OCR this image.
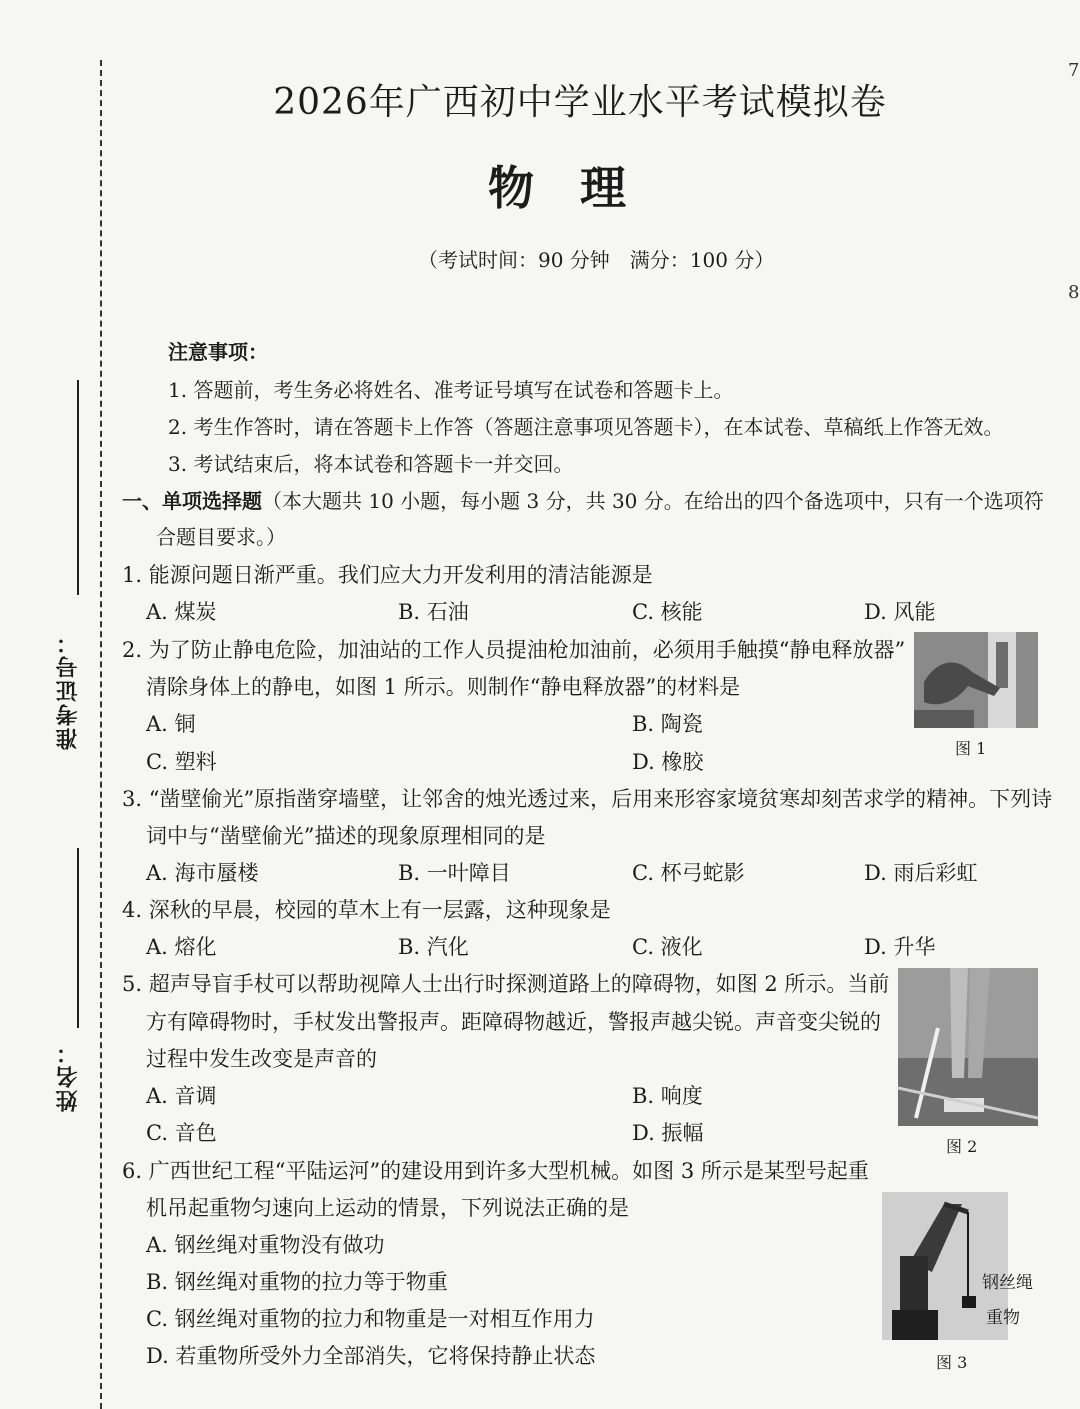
准考证号：
姓名：
7
8
2026年广西初中学业水平考试模拟卷
物理
（考试时间：90 分钟　满分：100 分）
注意事项：
1. 答题前，考生务必将姓名、准考证号填写在试卷和答题卡上。
2. 考生作答时，请在答题卡上作答（答题注意事项见答题卡），在本试卷、草稿纸上作答无效。
3. 考试结束后，将本试卷和答题卡一并交回。
一、单项选择题（本大题共 10 小题，每小题 3 分，共 30 分。在给出的四个备选项中，只有一个选项符
合题目要求。）
1. 能源问题日渐严重。我们应大力开发利用的清洁能源是
A. 煤炭	B. 石油	C. 核能	D. 风能
2. 为了防止静电危险，加油站的工作人员提油枪加油前，必须用手触摸“静电释放器”
清除身体上的静电，如图 1 所示。则制作“静电释放器”的材料是
A. 铜	B. 陶瓷
C. 塑料	D. 橡胶
图 1
3. “凿壁偷光”原指凿穿墙壁，让邻舍的烛光透过来，后用来形容家境贫寒却刻苦求学的精神。下列诗
词中与“凿壁偷光”描述的现象原理相同的是
A. 海市蜃楼	B. 一叶障目	C. 杯弓蛇影	D. 雨后彩虹
4. 深秋的早晨，校园的草木上有一层露，这种现象是
A. 熔化	B. 汽化	C. 液化	D. 升华
5. 超声导盲手杖可以帮助视障人士出行时探测道路上的障碍物，如图 2 所示。当前
方有障碍物时，手杖发出警报声。距障碍物越近，警报声越尖锐。声音变尖锐的
过程中发生改变是声音的
A. 音调	B. 响度
C. 音色	D. 振幅
图 2
6. 广西世纪工程“平陆运河”的建设用到许多大型机械。如图 3 所示是某型号起重
机吊起重物匀速向上运动的情景，下列说法正确的是
A. 钢丝绳对重物没有做功
B. 钢丝绳对重物的拉力等于物重
C. 钢丝绳对重物的拉力和物重是一对相互作用力
D. 若重物所受外力全部消失，它将保持静止状态
钢丝绳
重物
图 3
